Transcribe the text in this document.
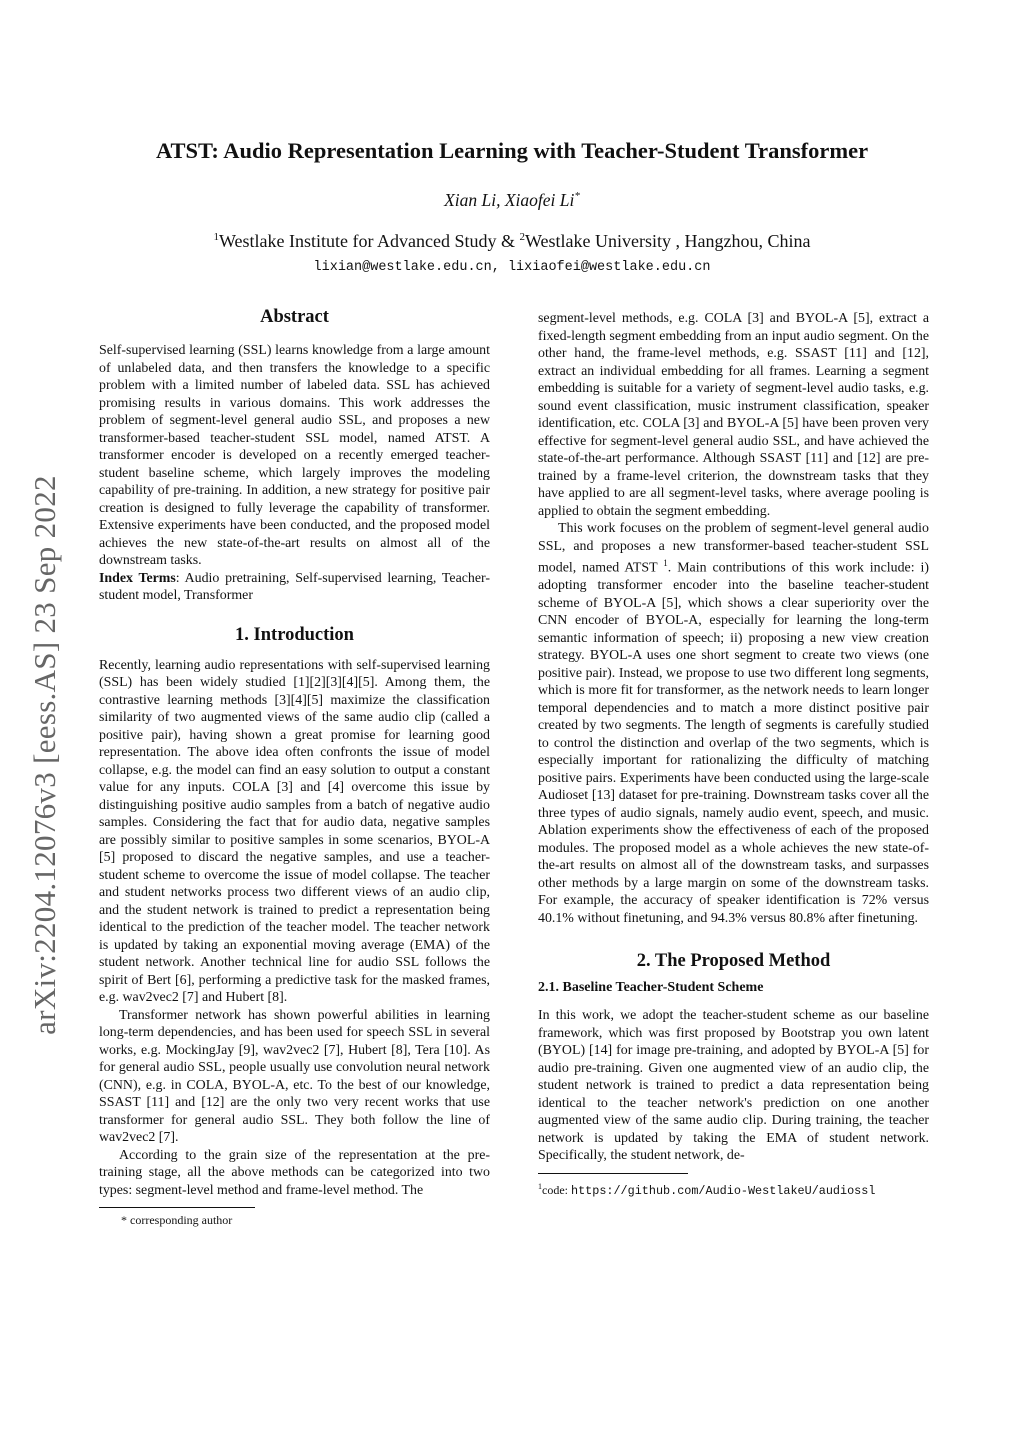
arXiv:2204.12076v3 [eess.AS] 23 Sep 2022
ATST: Audio Representation Learning with Teacher-Student Transformer
Xian Li, Xiaofei Li*
$^1$Westlake Institute for Advanced Study & $^2$Westlake University , Hangzhou, China
lixian@westlake.edu.cn, lixiaofei@westlake.edu.cn
Abstract

Self-supervised learning (SSL) learns knowledge from a large amount of unlabeled data, and then transfers the knowledge to a specific problem with a limited number of labeled data. SSL has achieved promising results in various domains. This work addresses the problem of segment-level general audio SSL, and proposes a new transformer-based teacher-student SSL model, named ATST. A transformer encoder is developed on a recently emerged teacher-student baseline scheme, which largely improves the modeling capability of pre-training. In addition, a new strategy for positive pair creation is designed to fully leverage the capability of transformer. Extensive experiments have been conducted, and the proposed model achieves the new state-of-the-art results on almost all of the downstream tasks.

Index Terms: Audio pretraining, Self-supervised learning, Teacher-student model, Transformer

1. Introduction

Recently, learning audio representations with self-supervised learning (SSL) has been widely studied [1][2][3][4][5]. Among them, the contrastive learning methods [3][4][5] maximize the classification similarity of two augmented views of the same audio clip (called a positive pair), having shown a great promise for learning good representation. The above idea often confronts the issue of model collapse, e.g. the model can find an easy solution to output a constant value for any inputs. COLA [3] and [4] overcome this issue by distinguishing positive audio samples from a batch of negative audio samples. Considering the fact that for audio data, negative samples are possibly similar to positive samples in some scenarios, BYOL-A [5] proposed to discard the negative samples, and use a teacher-student scheme to overcome the issue of model collapse. The teacher and student networks process two different views of an audio clip, and the student network is trained to predict a representation being identical to the prediction of the teacher model. The teacher network is updated by taking an exponential moving average (EMA) of the student network. Another technical line for audio SSL follows the spirit of Bert [6], performing a predictive task for the masked frames, e.g. wav2vec2 [7] and Hubert [8].

Transformer network has shown powerful abilities in learning long-term dependencies, and has been used for speech SSL in several works, e.g. MockingJay [9], wav2vec2 [7], Hubert [8], Tera [10]. As for general audio SSL, people usually use convolution neural network (CNN), e.g. in COLA, BYOL-A, etc. To the best of our knowledge, SSAST [11] and [12] are the only two very recent works that use transformer for general audio SSL. They both follow the line of wav2vec2 [7].

According to the grain size of the representation at the pre-training stage, all the above methods can be categorized into two types: segment-level method and frame-level method. The

* corresponding author

segment-level methods, e.g. COLA [3] and BYOL-A [5], extract a fixed-length segment embedding from an input audio segment. On the other hand, the frame-level methods, e.g. SSAST [11] and [12], extract an individual embedding for all frames. Learning a segment embedding is suitable for a variety of segment-level audio tasks, e.g. sound event classification, music instrument classification, speaker identification, etc. COLA [3] and BYOL-A [5] have been proven very effective for segment-level general audio SSL, and have achieved the state-of-the-art performance. Although SSAST [11] and [12] are pre-trained by a frame-level criterion, the downstream tasks that they have applied to are all segment-level tasks, where average pooling is applied to obtain the segment embedding.

This work focuses on the problem of segment-level general audio SSL, and proposes a new transformer-based teacher-student SSL model, named ATST $^1$. Main contributions of this work include: i) adopting transformer encoder into the baseline teacher-student scheme of BYOL-A [5], which shows a clear superiority over the CNN encoder of BYOL-A, especially for learning the long-term semantic information of speech; ii) proposing a new view creation strategy. BYOL-A uses one short segment to create two views (one positive pair). Instead, we propose to use two different long segments, which is more fit for transformer, as the network needs to learn longer temporal dependencies and to match a more distinct positive pair created by two segments. The length of segments is carefully studied to control the distinction and overlap of the two segments, which is especially important for rationalizing the difficulty of matching positive pairs. Experiments have been conducted using the large-scale Audioset [13] dataset for pre-training. Downstream tasks cover all the three types of audio signals, namely audio event, speech, and music. Ablation experiments show the effectiveness of each of the proposed modules. The proposed model as a whole achieves the new state-of-the-art results on almost all of the downstream tasks, and surpasses other methods by a large margin on some of the downstream tasks. For example, the accuracy of speaker identification is 72% versus 40.1% without finetuning, and 94.3% versus 80.8% after finetuning.

2. The Proposed Method
2.1. Baseline Teacher-Student Scheme

In this work, we adopt the teacher-student scheme as our baseline framework, which was first proposed by Bootstrap you own latent (BYOL) [14] for image pre-training, and adopted by BYOL-A [5] for audio pre-training. Given one augmented view of an audio clip, the student network is trained to predict a data representation being identical to the teacher network's prediction on one another augmented view of the same audio clip. During training, the teacher network is updated by taking the EMA of student network. Specifically, the student network, de-

$^1$code: https://github.com/Audio-WestlakeU/audiossl
